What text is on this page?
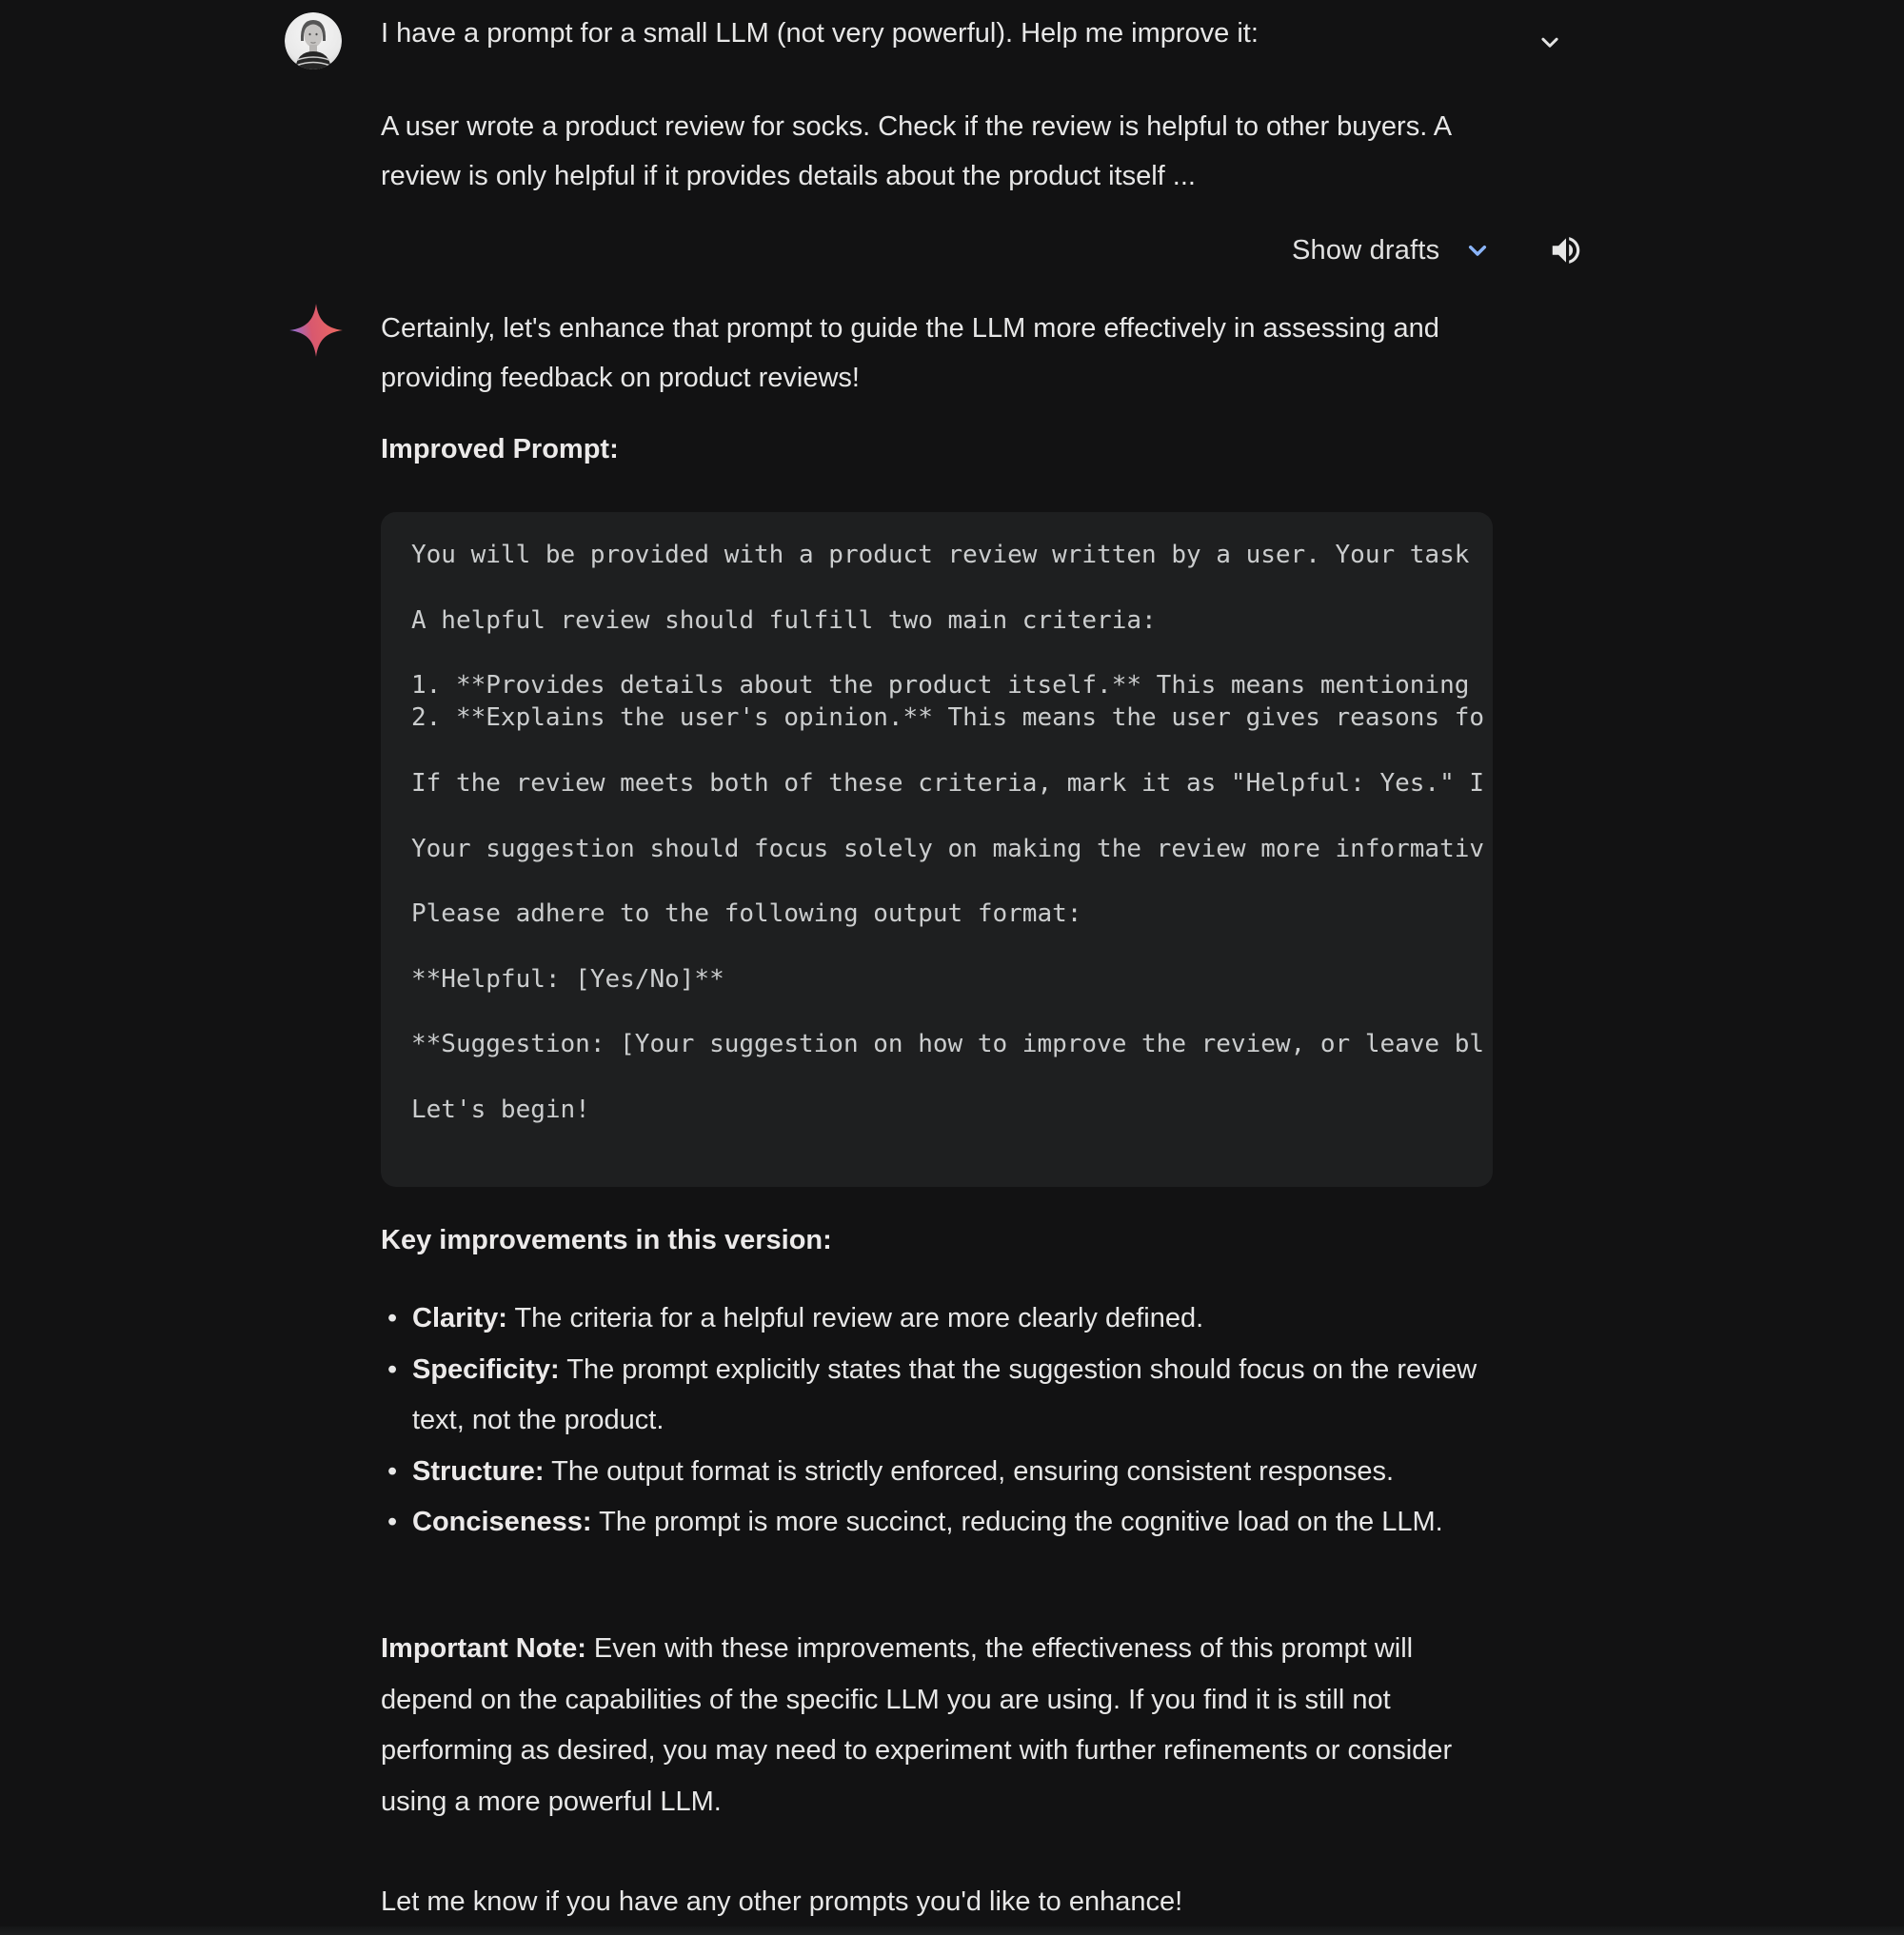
I have a prompt for a small LLM (not very powerful). Help me improve it:
A user wrote a product review for socks. Check if the review is helpful to other buyers. A review is only helpful if it provides details about the product itself ...
Show drafts
Certainly, let's enhance that prompt to guide the LLM more effectively in assessing and providing feedback on product reviews!
Improved Prompt:
You will be provided with a product review written by a user. Your task
A helpful review should fulfill two main criteria:
1. **Provides details about the product itself.** This means mentioning
2. **Explains the user's opinion.** This means the user gives reasons fo
If the review meets both of these criteria, mark it as "Helpful: Yes." I
Your suggestion should focus solely on making the review more informativ
Please adhere to the following output format:
**Helpful: [Yes/No]**
**Suggestion: [Your suggestion on how to improve the review, or leave bl
Let's begin!
Key improvements in this version:
• Clarity: The criteria for a helpful review are more clearly defined.
• Specificity: The prompt explicitly states that the suggestion should focus on the review text, not the product.
• Structure: The output format is strictly enforced, ensuring consistent responses.
• Conciseness: The prompt is more succinct, reducing the cognitive load on the LLM.
Important Note: Even with these improvements, the effectiveness of this prompt will depend on the capabilities of the specific LLM you are using. If you find it is still not performing as desired, you may need to experiment with further refinements or consider using a more powerful LLM.
Let me know if you have any other prompts you'd like to enhance!
